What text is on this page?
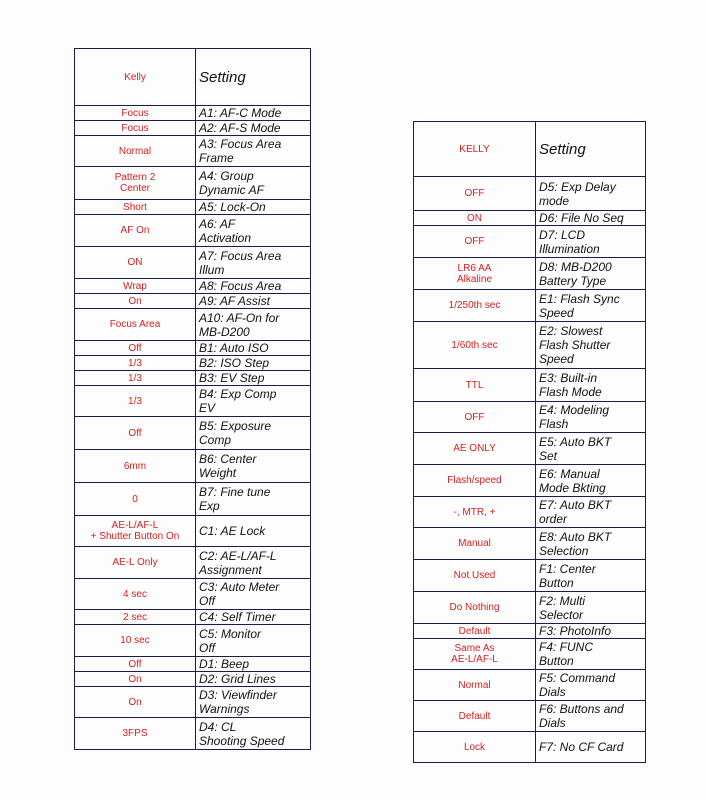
Kelly	Setting

Focus	A1: AF-C Mode

Focus	A2: AF-S Mode

Normal	A3: Focus Area
Frame

Pattern 2
Center	A4: Group
Dynamic AF

Short	A5: Lock-On

AF On	A6: AF
Activation

ON	A7: Focus Area
Illum

Wrap	A8: Focus Area

On	A9: AF Assist

Focus Area	A10: AF-On for
MB-D200

Off	B1: Auto ISO

1/3	B2: ISO Step

1/3	B3: EV Step

1/3	B4: Exp Comp
EV

Off	B5: Exposure
Comp

6mm	B6: Center
Weight

0	B7: Fine tune
Exp

AE-L/AF-L
+ Shutter Button On	C1: AE Lock

AE-L Only	C2: AE-L/AF-L
Assignment

4 sec	C3: Auto Meter
Off

2 sec	C4: Self Timer

10 sec	C5: Monitor
Off

Off	D1: Beep

On	D2: Grid Lines

On	D3: Viewfinder
Warnings

3FPS	D4: CL
Shooting Speed
KELLY	Setting

OFF	D5: Exp Delay
mode

ON	D6: File No Seq

OFF	D7: LCD
Illumination

LR6 AA
Alkaline	D8: MB-D200
Battery Type

1/250th sec	E1: Flash Sync
Speed

1/60th sec	E2: Slowest
Flash Shutter
Speed

TTL	E3: Built-in
Flash Mode

OFF	E4: Modeling
Flash

AE ONLY	E5: Auto BKT
Set

Flash/speed	E6: Manual
Mode Bkting

-, MTR, +	E7: Auto BKT
order

Manual	E8: Auto BKT
Selection

Not Used	F1: Center
Button

Do Nothing	F2: Multi
Selector

Default	F3: PhotoInfo

Same As
AE-L/AF-L	F4: FUNC
Button

Normal	F5: Command
Dials

Default	F6: Buttons and
Dials

Lock	F7: No CF Card
